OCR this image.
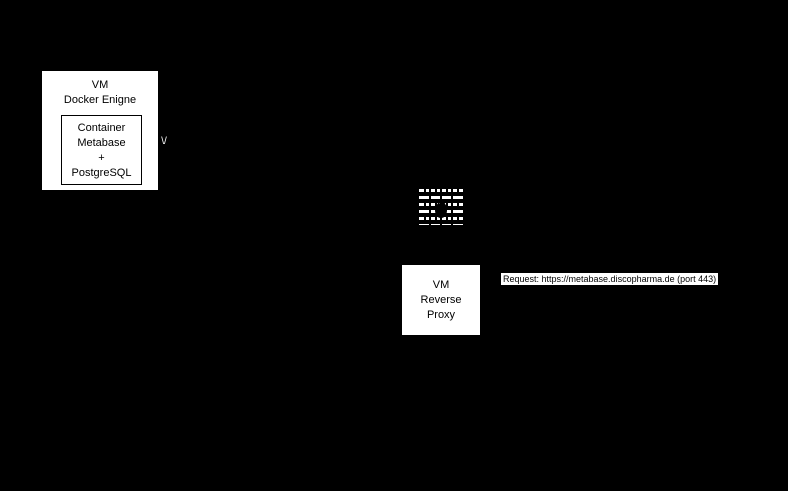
VM
Docker Enigne
Container
Metabase
+
PostgreSQL
\/
VM
Reverse
Proxy
Request: https://metabase.discopharma.de (port 443)
